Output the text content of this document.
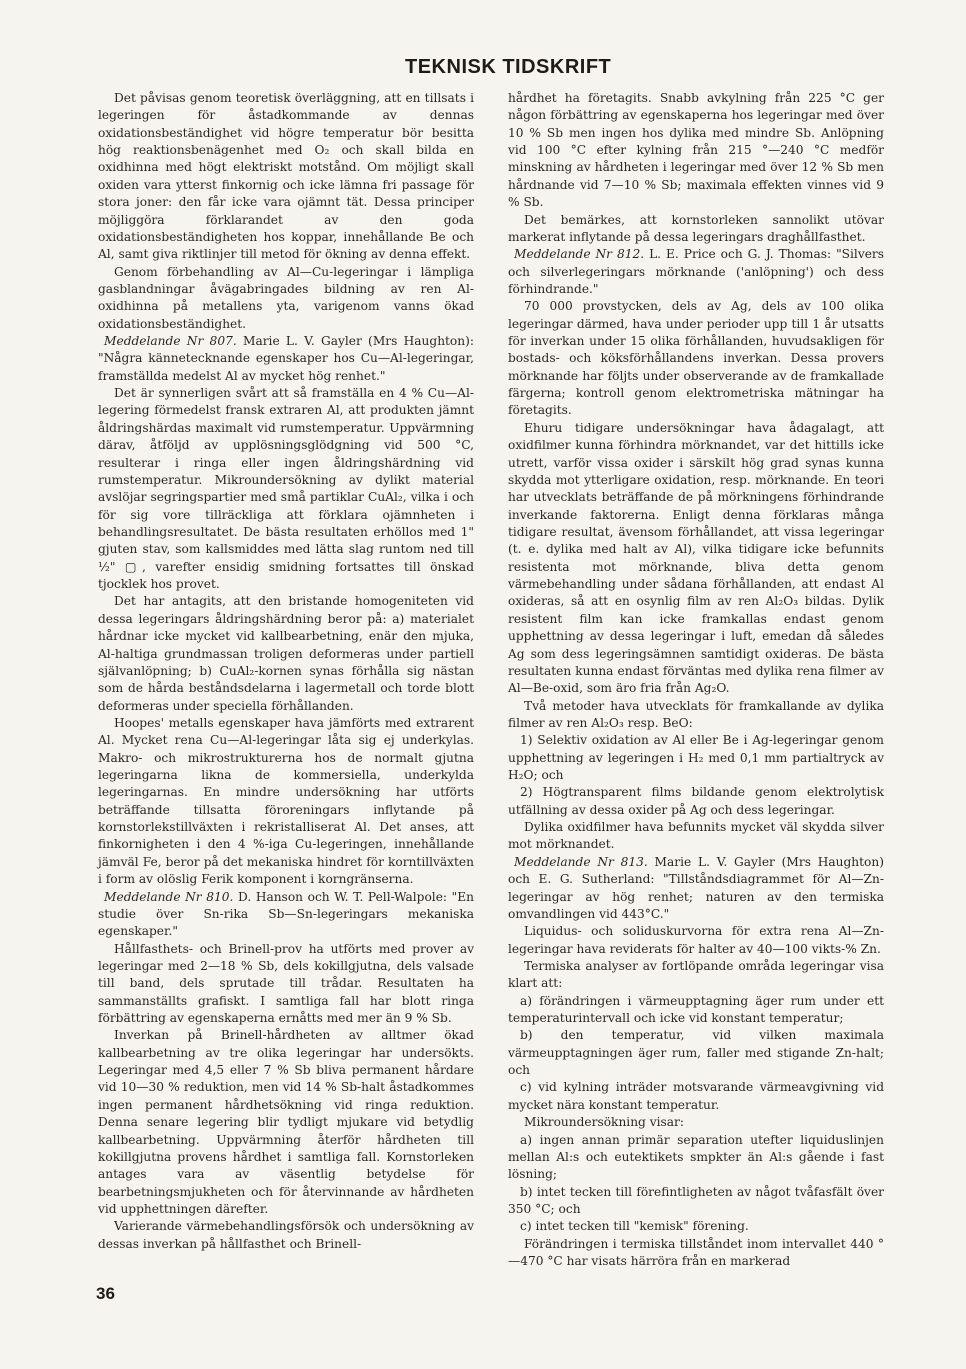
TEKNISK TIDSKRIFT

Det påvisas genom teoretisk överläggning, att en tillsats i legeringen för åstadkommande av dennas oxidationsbeständighet vid högre temperatur bör besitta hög reaktionsbenägenhet med O₂ och skall bilda en oxidhinna med högt elektriskt motstånd. Om möjligt skall oxiden vara ytterst finkornig och icke lämna fri passage för stora joner: den får icke vara ojämnt tät. Dessa principer möjliggöra förklarandet av den goda oxidationsbeständigheten hos koppar, innehållande Be och Al, samt giva riktlinjer till metod för ökning av denna effekt.

Genom förbehandling av Al—Cu-legeringar i lämpliga gasblandningar åvägabringades bildning av ren Al-oxidhinna på metallens yta, varigenom vanns ökad oxidationsbeständighet.

Meddelande Nr 807. Marie L. V. Gayler (Mrs Haughton): "Några kännetecknande egenskaper hos Cu—Al-legeringar, framställda medelst Al av mycket hög renhet."

Det är synnerligen svårt att så framställa en 4 % Cu—Al-legering förmedelst fransk extraren Al, att produkten jämnt åldringshärdas maximalt vid rumstemperatur. Uppvärmning därav, åtföljd av upplösningsglödgning vid 500 °C, resulterar i ringa eller ingen åldringshärdning vid rumstemperatur. Mikroundersökning av dylikt material avslöjar segringspartier med små partiklar CuAl₂, vilka i och för sig vore tillräckliga att förklara ojämnheten i behandlingsresultatet. De bästa resultaten erhöllos med 1" gjuten stav, som kallsmiddes med lätta slag runtom ned till ½" ▢, varefter ensidig smidning fortsattes till önskad tjocklek hos provet.

Det har antagits, att den bristande homogeniteten vid dessa legeringars åldringshärdning beror på: a) materialet hårdnar icke mycket vid kallbearbetning, enär den mjuka, Al-haltiga grundmassan troligen deformeras under partiell självanlöpning; b) CuAl₂-kornen synas förhålla sig nästan som de hårda beståndsdelarna i lagermetall och torde blott deformeras under speciella förhållanden.

Hoopes' metalls egenskaper hava jämförts med extrarent Al. Mycket rena Cu—Al-legeringar låta sig ej underkylas. Makro- och mikrostrukturerna hos de normalt gjutna legeringarna likna de kommersiella, underkylda legeringarnas. En mindre undersökning har utförts beträffande tillsatta föroreningars inflytande på kornstorlekstillväxten i rekristalliserat Al. Det anses, att finkornigheten i den 4 %-iga Cu-legeringen, innehållande jämväl Fe, beror på det mekaniska hindret för korntillväxten i form av olöslig Ferik komponent i korngränserna.

Meddelande Nr 810. D. Hanson och W. T. Pell-Walpole: "En studie över Sn-rika Sb—Sn-legeringars mekaniska egenskaper."

Hållfasthets- och Brinell-prov ha utförts med prover av legeringar med 2—18 % Sb, dels kokillgjutna, dels valsade till band, dels sprutade till trådar. Resultaten ha sammanställts grafiskt. I samtliga fall har blott ringa förbättring av egenskaperna ernåtts med mer än 9 % Sb.

Inverkan på Brinell-hårdheten av alltmer ökad kallbearbetning av tre olika legeringar har undersökts. Legeringar med 4,5 eller 7 % Sb bliva permanent hårdare vid 10—30 % reduktion, men vid 14 % Sb-halt åstadkommes ingen permanent hårdhetsökning vid ringa reduktion. Denna senare legering blir tydligt mjukare vid betydlig kallbearbetning. Uppvärmning återför hårdheten till kokillgjutna provens hårdhet i samtliga fall. Kornstorleken antages vara av väsentlig betydelse för bearbetningsmjukheten och för återvinnande av hårdheten vid upphettningen därefter.

Varierande värmebehandlingsförsök och undersökning av dessas inverkan på hållfasthet och Brinell-

hårdhet ha företagits. Snabb avkylning från 225 °C ger någon förbättring av egenskaperna hos legeringar med över 10 % Sb men ingen hos dylika med mindre Sb. Anlöpning vid 100 °C efter kylning från 215 °—240 °C medför minskning av hårdheten i legeringar med över 12 % Sb men hårdnande vid 7—10 % Sb; maximala effekten vinnes vid 9 % Sb.

Det bemärkes, att kornstorleken sannolikt utövar markerat inflytande på dessa legeringars draghållfasthet.

Meddelande Nr 812. L. E. Price och G. J. Thomas: "Silvers och silverlegeringars mörknande ('anlöpning') och dess förhindrande."

70 000 provstycken, dels av Ag, dels av 100 olika legeringar därmed, hava under perioder upp till 1 år utsatts för inverkan under 15 olika förhållanden, huvudsakligen för bostads- och köksförhållandens inverkan. Dessa provers mörknande har följts under observerande av de framkallade färgerna; kontroll genom elektrometriska mätningar ha företagits.

Ehuru tidigare undersökningar hava ådagalagt, att oxidfilmer kunna förhindra mörknandet, var det hittills icke utrett, varför vissa oxider i särskilt hög grad synas kunna skydda mot ytterligare oxidation, resp. mörknande. En teori har utvecklats beträffande de på mörkningens förhindrande inverkande faktorerna. Enligt denna förklaras många tidigare resultat, ävensom förhållandet, att vissa legeringar (t. e. dylika med halt av Al), vilka tidigare icke befunnits resistenta mot mörknande, bliva detta genom värmebehandling under sådana förhållanden, att endast Al oxideras, så att en osynlig film av ren Al₂O₃ bildas. Dylik resistent film kan icke framkallas endast genom upphettning av dessa legeringar i luft, emedan då således Ag som dess legeringsämnen samtidigt oxideras. De bästa resultaten kunna endast förväntas med dylika rena filmer av Al—Be-oxid, som äro fria från Ag₂O.

Två metoder hava utvecklats för framkallande av dylika filmer av ren Al₂O₃ resp. BeO:

1) Selektiv oxidation av Al eller Be i Ag-legeringar genom upphettning av legeringen i H₂ med 0,1 mm partialtryck av H₂O; och

2) Högtransparent films bildande genom elektrolytisk utfällning av dessa oxider på Ag och dess legeringar.

Dylika oxidfilmer hava befunnits mycket väl skydda silver mot mörknandet.

Meddelande Nr 813. Marie L. V. Gayler (Mrs Haughton) och E. G. Sutherland: "Tillståndsdiagrammet för Al—Zn-legeringar av hög renhet; naturen av den termiska omvandlingen vid 443°C."

Liquidus- och soliduskurvorna för extra rena Al—Zn-legeringar hava reviderats för halter av 40—100 vikts-% Zn.

Termiska analyser av fortlöpande områda legeringar visa klart att:

a) förändringen i värmeupptagning äger rum under ett temperaturintervall och icke vid konstant temperatur;

b) den temperatur, vid vilken maximala värmeupptagningen äger rum, faller med stigande Zn-halt; och

c) vid kylning inträder motsvarande värmeavgivning vid mycket nära konstant temperatur.

Mikroundersökning visar:

a) ingen annan primär separation utefter liquiduslinjen mellan Al:s och eutektikets smpkter än Al:s gående i fast lösning;

b) intet tecken till förefintligheten av något tvåfasfält över 350 °C; och

c) intet tecken till "kemisk" förening.

Förändringen i termiska tillståndet inom intervallet 440 °—470 °C har visats härröra från en markerad

36
